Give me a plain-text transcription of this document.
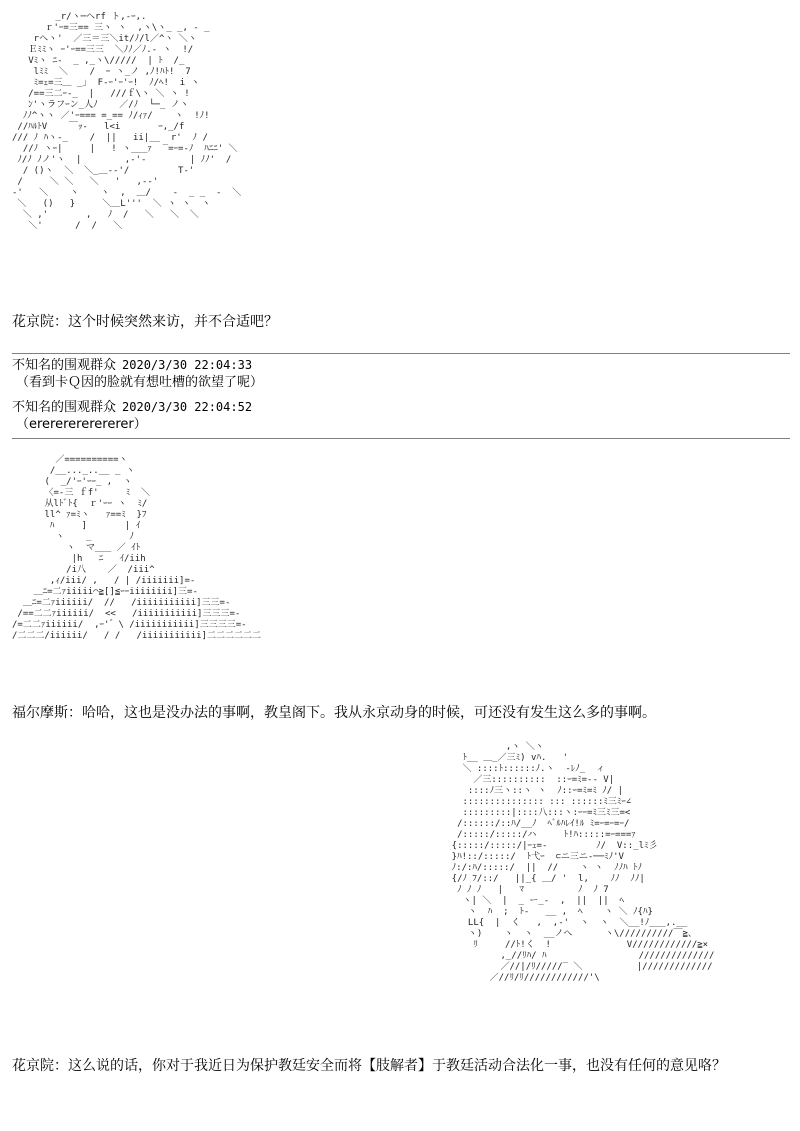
_r/ヽ─ヘrf ト,-ｰ,.
ｒ'ｰ=三== 三ヽ ヽ  ,ヽ\ヽ_ _, ‐ _
rヘヽ'  ／三＝三＼it/ﾉ/l／^ヽ ＼ヽ
Ｅﾐﾐヽ ｰ'ｰ==三三  ＼ﾉﾉ／ﾉ.‐ ヽ  !/
Vﾐヽ ﾆ-  _ ,_ヽ\/////  | ﾄ  /_
lﾐﾐ  ＼    /  ｰ ヽ_ノ ,ﾉ!ﾊﾄ!  7
ﾐ=ｪ=三＿ _｣  F-ｰ'ｰ'ｰ!  ﾉ/ﾍ!  i ヽ
/==三二ｰ-_  |   ///ｆ\ヽ ＼ ヽ !
ﾝ'ヽラフｰン_人ﾉ    ／/ﾉ  └─_ ノヽ
ﾉﾉ^ヽヽ ／'ｰ=== =_== ﾉ/ｨｧ/    ヽ  !ﾉ!
//ﾊﾙﾄV    ￣ｯ-   l<i       ｰ,_/f
/// ﾉ ﾊヽ-_    /  ||   ii|__  r'  ﾉ /
//ﾉ ヽｰ|     |   ! ヽ___ｧ  ‾=ｰ=-ﾉ  ﾊﾆﾆ' ＼
ﾉ/ﾉ ﾉノ'ヽ  |        ,-'-        | ﾉﾉ'  /
/ ()ヽ  ＼  ＼_＿-‐'/         T-'
/     ＼ ＼   ＼   '   ,--'
-'   ＼    ヽ    ヽ  ,  ＿/    ‐  _ _  ‐  ＼
＼   ()   }     ＼＿L'''  ＼ ヽ ヽ  ヽ
＼ ,'       ,   ﾉ  /   ＼   ＼  ＼
＼'      /  /   ＼
花京院：这个时候突然来访，并不合适吧？
不知名的围观群众 2020/3/30 22:04:33
（看到卡Ｑ因的脸就有想吐槽的欲望了呢）
不知名的围观群众 2020/3/30 22:04:52
（erererererererer）
／==========ヽ
/__..._..__ _ ヽ
(  _/'ｰ'ｰｰ_ ,  ヽ
〈=-三 ｆf'     ﾐ  ＼
从lﾄﾞﾄ{  ｒ'ｰｰ ヽ  ﾐ/
ll^ ｧ=ﾐヽ   ｧ==ﾐ  }ﾌ
ﾊ     ]       | ｲ
ヽ    _       ﾉ
ヽ  マ___ ／ ｲﾄ
|h   ﾆ   ｲ/iih
/i八    ／  /iii^
,ｨ/iii/ ,   / | /iiiiiii]=-
＿ﾆ=二ｧiiiii⌒≧[]≦ｰｰiiiiiiii]三=-
＿ﾆ=二ｧiiiiii/  //   /iiiiiiiiiii]三三=-
/==二二ｧiiiiii/  <<   /iiiiiiiiiii]三三三=-
/=二二ｧiiiiii/  ,ｰ'゛\ /iiiiiiiiiii]三三三三=-
/二二二/iiiiii/   / /   /iiiiiiiiiii]二二二二二二
福尔摩斯：哈哈，这也是没办法的事啊，教皇阁下。我从永京动身的时候，可还没有发生这么多的事啊。
,ヽ ＼ヽ
ﾄ__ ＿_／三ﾐ) vﾊ.   '
＼ ::::ﾄ::::::ﾉ.ヽ  ‐ﾚﾉ_  ィ
／三::::::::::  ::ｰ=ﾐ=‐‐ V|
::::ﾉ三ヽ::ヽ ヽ  ﾉ::ｰ=ﾐ=ﾐ ﾉ/ |
::::::::::::::: ::: ::::::ﾐ三ﾐｰ∠
:::::::::|::::八:::ヽ:ｰｰ=ﾐ三ﾐ三=<
/::::::/::ﾊ/__ﾉ  ﾍﾞﾙﾊﾚｲ!ﾙ ﾐ=ｰ=ｰ=ｰ/
/:::::/:::::/ハ     ﾄ!ﾊ:::::=ｰ===ｧ
{:::::/:::::/|ｰｪ=-         ﾉ/  V::_lﾐ彡
}ﾊ!::/:::::/  ﾄ弋ｰ  ⊂ニ三ニ‐──ﾐﾉ'V
ﾉ:/:ﾊ/:::::/  ||  //    ヽ ヽ  ﾉﾉﾊ ﾄﾉ
{/ﾉ ﾌ/::/   ||_{ ＿/ '  l,    ﾉﾉ  ﾉﾉ|
ﾉ ﾉ ﾉ   |   ﾏ          ﾉ  ﾉ 7
ヽ| ＼  |  _ ー_-  ,  ||  ||  ﾍ
ヽ  ﾊ  ;  ﾄ-   __ ,  ﾍ    ヽ ＼ ﾉ{ﾊ}
LL{  |  く   ,  ,-'  ヽ  ヽ  ＼__!ﾉ___,.__
ヽ)    ヽ  ヽ  __ノへ      ヽ\//////////￣≧、
ﾘ     //ﾄ!く  !              V////////////≧×
,_//ﾘﾊ/ ﾊ                 //////////////
／//|/ﾘ/////‾ ＼          |/////////////
／//ﾘ/ﾘ////////////'\
花京院：这么说的话，你对于我近日为保护教廷安全而将【肢解者】于教廷活动合法化一事，也没有任何的意见咯？
